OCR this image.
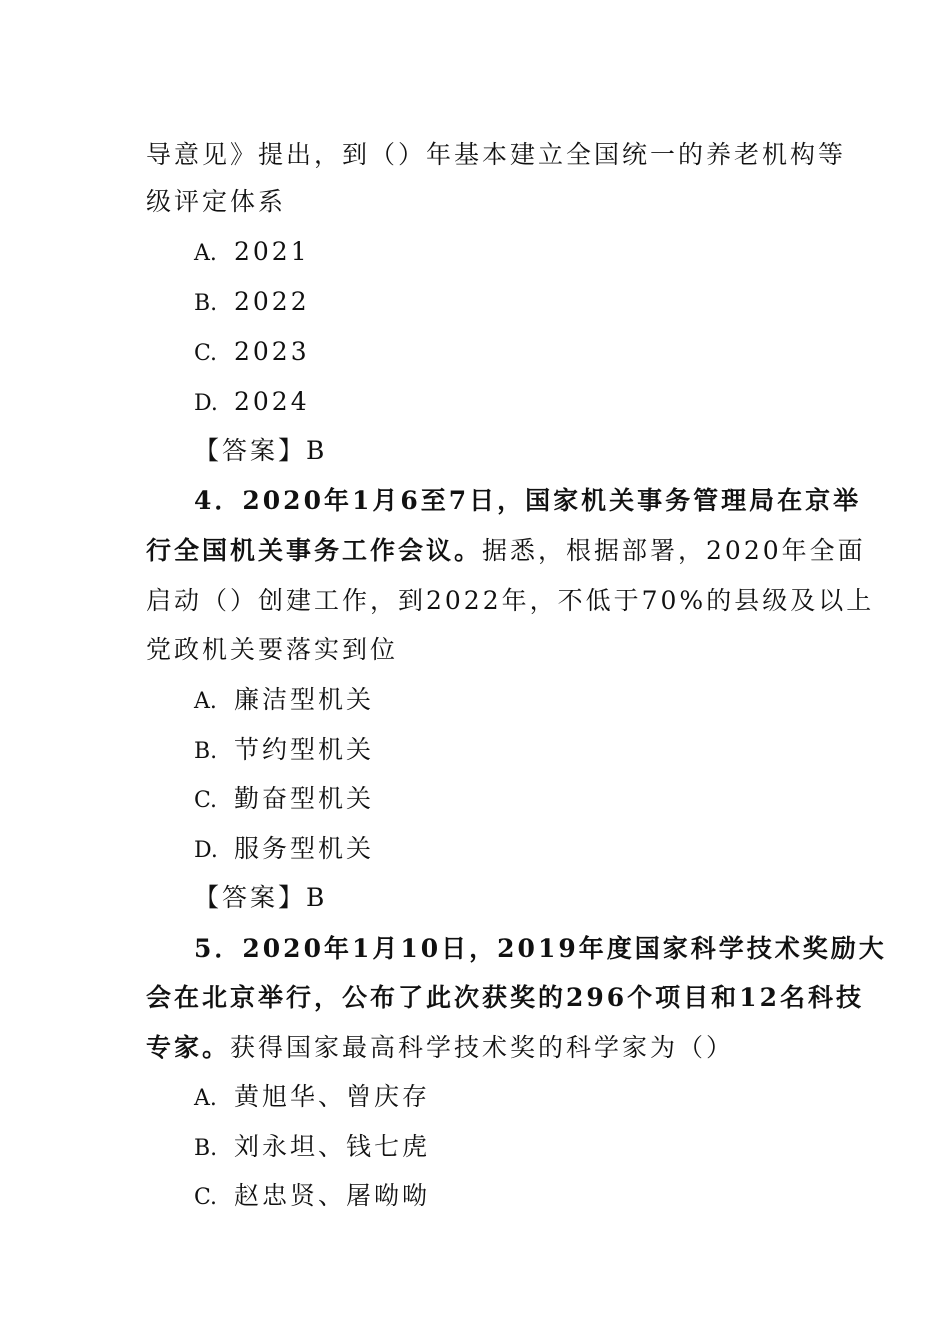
导意见》提出，到（）年基本建立全国统一的养老机构等
级评定体系
A. 2021
B. 2022
C. 2023
D. 2024
【答案】B
4．2020年1月6至7日，国家机关事务管理局在京举
行全国机关事务工作会议。据悉，根据部署，2020年全面
启动（）创建工作，到2022年，不低于70%的县级及以上
党政机关要落实到位
A. 廉洁型机关
B. 节约型机关
C. 勤奋型机关
D. 服务型机关
【答案】B
5．2020年1月10日，2019年度国家科学技术奖励大
会在北京举行，公布了此次获奖的296个项目和12名科技
专家。获得国家最高科学技术奖的科学家为（）
A. 黄旭华、曾庆存
B. 刘永坦、钱七虎
C. 赵忠贤、屠呦呦
